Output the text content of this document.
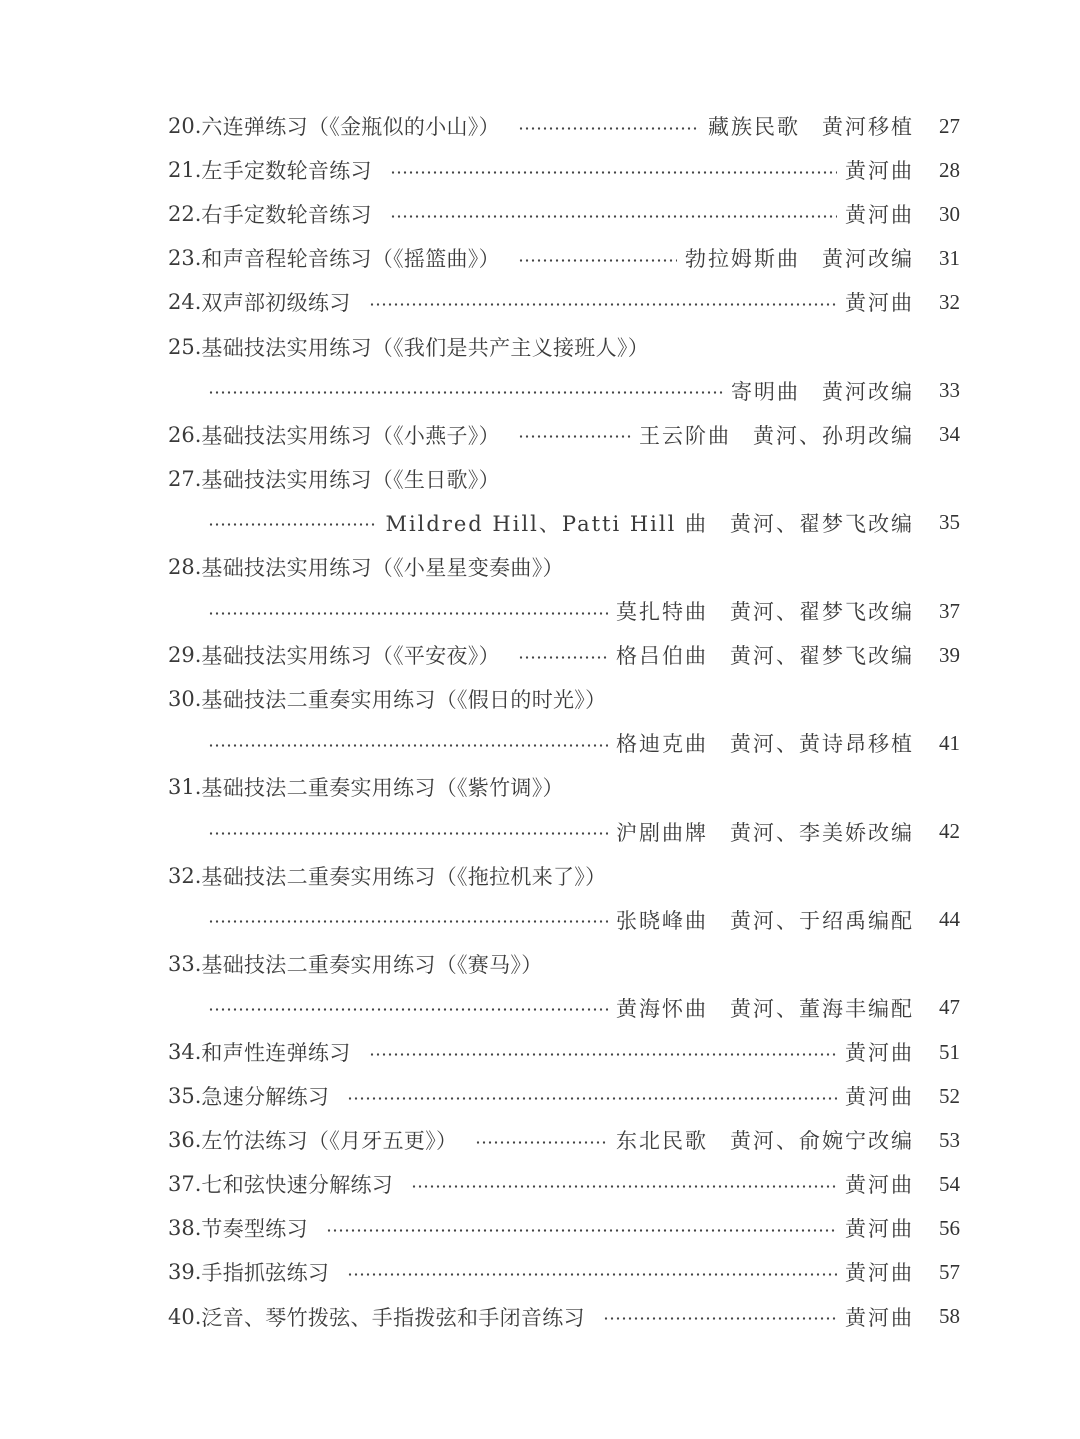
20. 六连弹练习（《金瓶似的小山》）	藏族民歌 黄河移植	27
21. 左手定数轮音练习	黄河曲	28
22. 右手定数轮音练习	黄河曲	30
23. 和声音程轮音练习（《摇篮曲》）	勃拉姆斯曲 黄河改编	31
24. 双声部初级练习	黄河曲	32
25. 基础技法实用练习（《我们是共产主义接班人》）
寄明曲 黄河改编	33
26. 基础技法实用练习（《小燕子》）	王云阶曲 黄河、孙玥改编	34
27. 基础技法实用练习（《生日歌》）
Mildred Hill、Patti Hill 曲 黄河、翟梦飞改编	35
28. 基础技法实用练习（《小星星变奏曲》）
莫扎特曲 黄河、翟梦飞改编	37
29. 基础技法实用练习（《平安夜》）	格吕伯曲 黄河、翟梦飞改编	39
30. 基础技法二重奏实用练习（《假日的时光》）
格迪克曲 黄河、黄诗昂移植	41
31. 基础技法二重奏实用练习（《紫竹调》）
沪剧曲牌 黄河、李美娇改编	42
32. 基础技法二重奏实用练习（《拖拉机来了》）
张晓峰曲 黄河、于绍禹编配	44
33. 基础技法二重奏实用练习（《赛马》）
黄海怀曲 黄河、董海丰编配	47
34. 和声性连弹练习	黄河曲	51
35. 急速分解练习	黄河曲	52
36. 左竹法练习（《月牙五更》）	东北民歌 黄河、俞婉宁改编	53
37. 七和弦快速分解练习	黄河曲	54
38. 节奏型练习	黄河曲	56
39. 手指抓弦练习	黄河曲	57
40. 泛音、琴竹拨弦、手指拨弦和手闭音练习	黄河曲	58
